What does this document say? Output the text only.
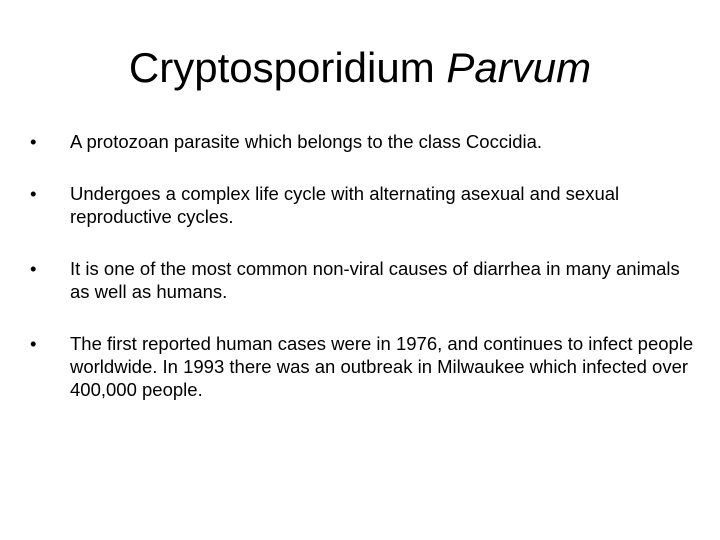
Cryptosporidium Parvum
•	A protozoan parasite which belongs to the class Coccidia.
•	Undergoes a complex life cycle with alternating asexual and sexual reproductive cycles.
•	It is one of the most common non-viral causes of diarrhea in many animals as well as humans.
•	The first reported human cases were in 1976, and continues to infect people worldwide. In 1993 there was an outbreak in Milwaukee which infected over 400,000 people.
